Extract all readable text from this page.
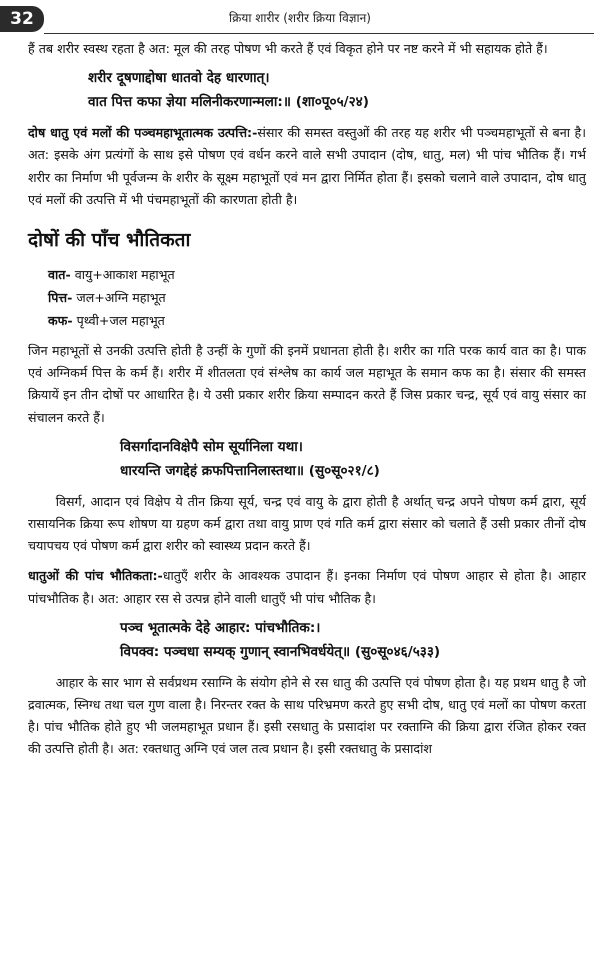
32	क्रिया शारीर (शरीर क्रिया विज्ञान)

हैं तब शरीर स्वस्थ रहता है अत: मूल की तरह पोषण भी करते हैं एवं विकृत होने पर नष्ट करने में भी सहायक होते हैं।

शरीर दूषणाद्दोषा धातवो देह धारणात्।
वात पित्त कफा ज्ञेया मलिनीकरणान्मला:॥ (शा०पू०५/२४)

दोष धातु एवं मलों की पञ्चमहाभूतात्मक उत्पत्ति:-संसार की समस्त वस्तुओं की तरह यह शरीर भी पञ्चमहाभूतों से बना है। अत: इसके अंग प्रत्यंगों के साथ इसे पोषण एवं वर्धन करने वाले सभी उपादान (दोष, धातु, मल) भी पांच भौतिक हैं। गर्भ शरीर का निर्माण भी पूर्वजन्म के शरीर के सूक्ष्म महाभूतों एवं मन द्वारा निर्मित होता हैं। इसको चलाने वाले उपादान, दोष धातु एवं मलों की उत्पत्ति में भी पंचमहाभूतों की कारणता होती है।

दोषों की पाँच भौतिकता
वात- वायु+आकाश महाभूत
पित्त- जल+अग्नि महाभूत
कफ- पृथ्वी+जल महाभूत

जिन महाभूतों से उनकी उत्पत्ति होती है उन्हीं के गुणों की इनमें प्रधानता होती है। शरीर का गति परक कार्य वात का है। पाक एवं अग्निकर्म पित्त के कर्म हैं। शरीर में शीतलता एवं संश्लेष का कार्य जल महाभूत के समान कफ का है। संसार की समस्त क्रियायें इन तीन दोषों पर आधारित है। ये उसी प्रकार शरीर क्रिया सम्पादन करते हैं जिस प्रकार चन्द्र, सूर्य एवं वायु संसार का संचालन करते हैं।

विसर्गादानविक्षेपै सोम सूर्यानिला यथा।
धारयन्ति जगद्देहं क्रफपित्तानिलास्तथा॥ (सु०सू०२१/८)

विसर्ग, आदान एवं विक्षेप ये तीन क्रिया सूर्य, चन्द्र एवं वायु के द्वारा होती है अर्थात् चन्द्र अपने पोषण कर्म द्वारा, सूर्य रासायनिक क्रिया रूप शोषण या ग्रहण कर्म द्वारा तथा वायु प्राण एवं गति कर्म द्वारा संसार को चलाते हैं उसी प्रकार तीनों दोष चयापचय एवं पोषण कर्म द्वारा शरीर को स्वास्थ्य प्रदान करते हैं।

धातुओं की पांच भौतिकता:-धातुएँ शरीर के आवश्यक उपादान हैं। इनका निर्माण एवं पोषण आहार से होता है। आहार पांचभौतिक है। अत: आहार रस से उत्पन्न होने वाली धातुएँ भी पांच भौतिक है।

पञ्च भूतात्मके देहे आहार: पांचभौतिक:।
विपक्व: पञ्चधा सम्यक् गुणान् स्वानभिवर्धयेत्॥ (सु०सू०४६/५३३)

आहार के सार भाग से सर्वप्रथम रसाग्नि के संयोग होने से रस धातु की उत्पत्ति एवं पोषण होता है। यह प्रथम धातु है जो द्रवात्मक, स्निग्ध तथा चल गुण वाला है। निरन्तर रक्त के साथ परिभ्रमण करते हुए सभी दोष, धातु एवं मलों का पोषण करता है। पांच भौतिक होते हुए भी जलमहाभूत प्रधान हैं। इसी रसधातु के प्रसादांश पर रक्ताग्नि की क्रिया द्वारा रंजित होकर रक्त की उत्पत्ति होती है। अत: रक्तधातु अग्नि एवं जल तत्व प्रधान है। इसी रक्तधातु के प्रसादांश
